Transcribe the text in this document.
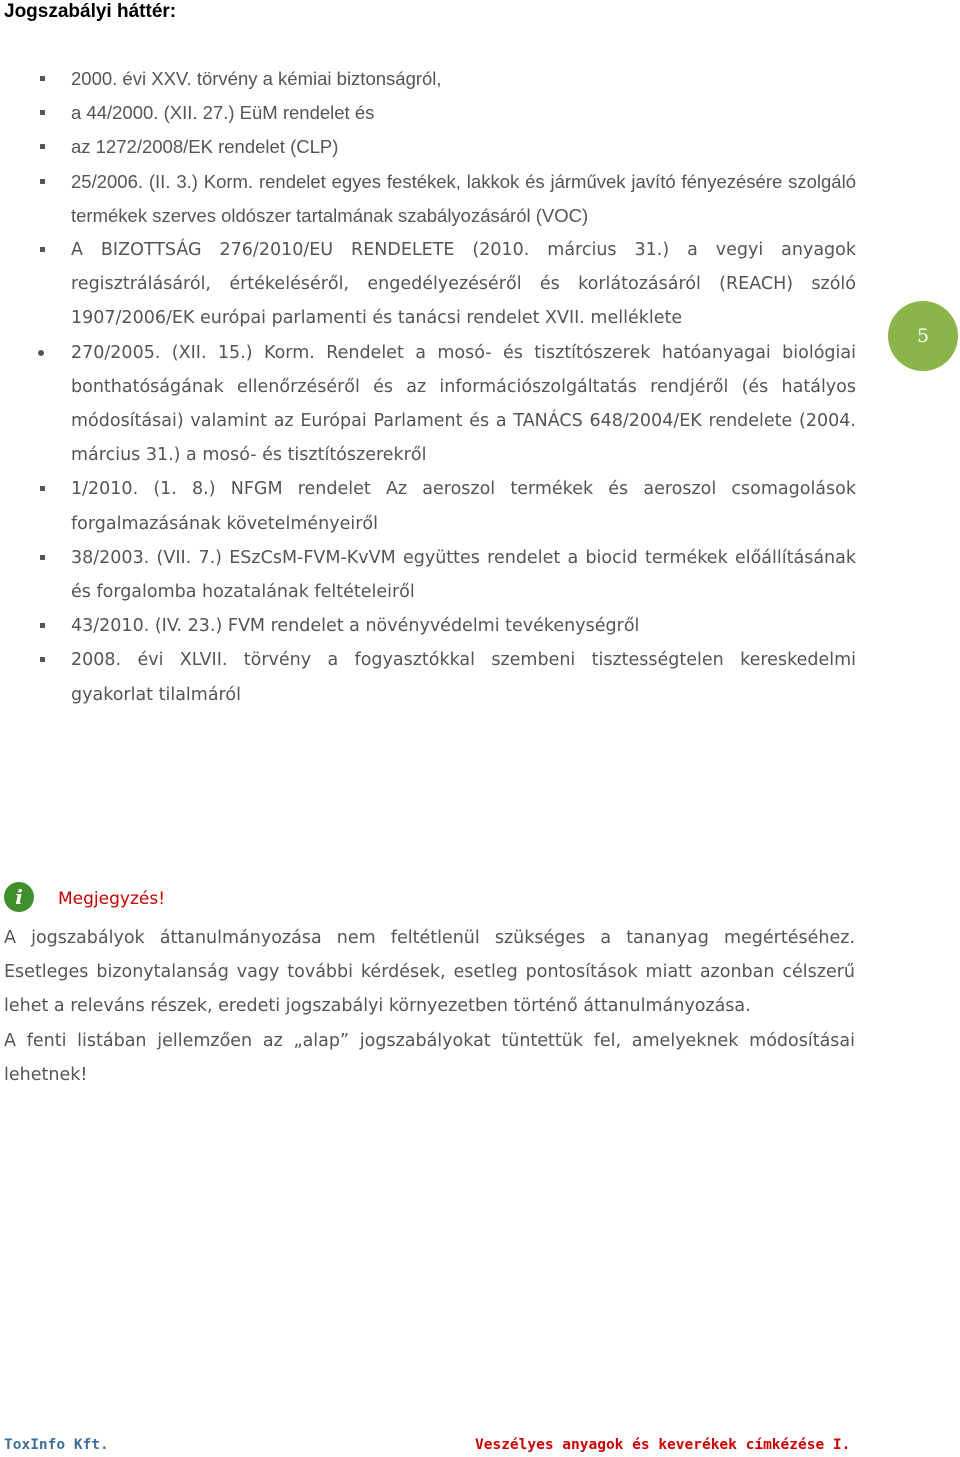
Jogszabályi háttér:
2000. évi XXV. törvény a kémiai biztonságról,
a 44/2000. (XII. 27.) EüM rendelet és
az 1272/2008/EK rendelet (CLP)
25/2006. (II. 3.) Korm. rendelet egyes festékek, lakkok és járművek javító fényezésére szolgáló termékek szerves oldószer tartalmának szabályozásáról (VOC)
A BIZOTTSÁG 276/2010/EU RENDELETE (2010. március 31.) a vegyi anyagok regisztrálásáról, értékeléséről, engedélyezéséről és korlátozásáról (REACH) szóló 1907/2006/EK európai parlamenti és tanácsi rendelet XVII. melléklete
270/2005. (XII. 15.) Korm. Rendelet a mosó- és tisztítószerek hatóanyagai biológiai bonthatóságának ellenőrzéséről és az információszolgáltatás rendjéről (és hatályos módosításai) valamint az Európai Parlament és a TANÁCS 648/2004/EK rendelete (2004. március 31.) a mosó- és tisztítószerekről
1/2010. (1. 8.) NFGM rendelet Az aeroszol termékek és aeroszol csomagolások forgalmazásának követelményeiről
38/2003. (VII. 7.) ESzCsM-FVM-KvVM együttes rendelet a biocid termékek előállításának és forgalomba hozatalának feltételeiről
43/2010. (IV. 23.) FVM rendelet a növényvédelmi tevékenységről
2008. évi XLVII. törvény a fogyasztókkal szembeni tisztességtelen kereskedelmi gyakorlat tilalmáról
5
i	Megjegyzés!

A jogszabályok áttanulmányozása nem feltétlenül szükséges a tananyag megértéséhez. Esetleges bizonytalanság vagy további kérdések, esetleg pontosítások miatt azonban célszerű lehet a releváns részek, eredeti jogszabályi környezetben történő áttanulmányozása.

A fenti listában jellemzően az „alap” jogszabályokat tüntettük fel, amelyeknek módosításai lehetnek!

ToxInfo Kft.	Veszélyes anyagok és keverékek címkézése I.
